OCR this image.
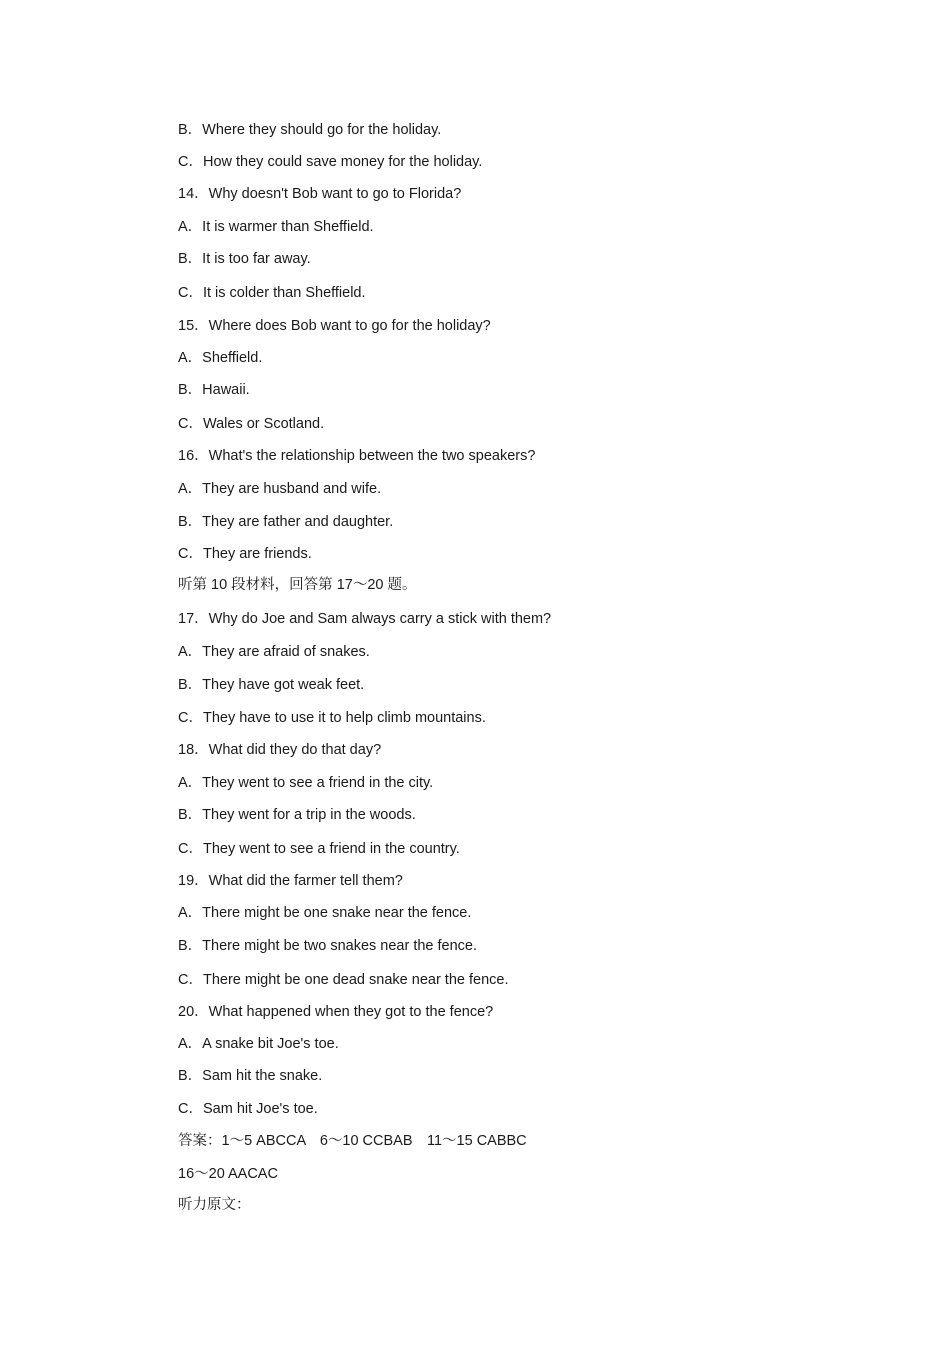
B．Where they should go for the holiday.
C．How they could save money for the holiday.
14．Why doesn't Bob want to go to Florida?
A．It is warmer than Sheffield.
B．It is too far away.
C．It is colder than Sheffield.
15．Where does Bob want to go for the holiday?
A．Sheffield.
B．Hawaii.
C．Wales or Scotland.
16．What's the relationship between the two speakers?
A．They are husband and wife.
B．They are father and daughter.
C．They are friends.
听第 10 段材料，回答第 17～20 题。
17．Why do Joe and Sam always carry a stick with them?
A．They are afraid of snakes.
B．They have got weak feet.
C．They have to use it to help climb mountains.
18．What did they do that day?
A．They went to see a friend in the city.
B．They went for a trip in the woods.
C．They went to see a friend in the country.
19．What did the farmer tell them?
A．There might be one snake near the fence.
B．There might be two snakes near the fence.
C．There might be one dead snake near the fence.
20．What happened when they got to the fence?
A．A snake bit Joe's toe.
B．Sam hit the snake.
C．Sam hit Joe's toe.
答案：1～5 ABCCA　6～10 CCBAB　11～15 CABBC
16～20 AACAC
听力原文：
